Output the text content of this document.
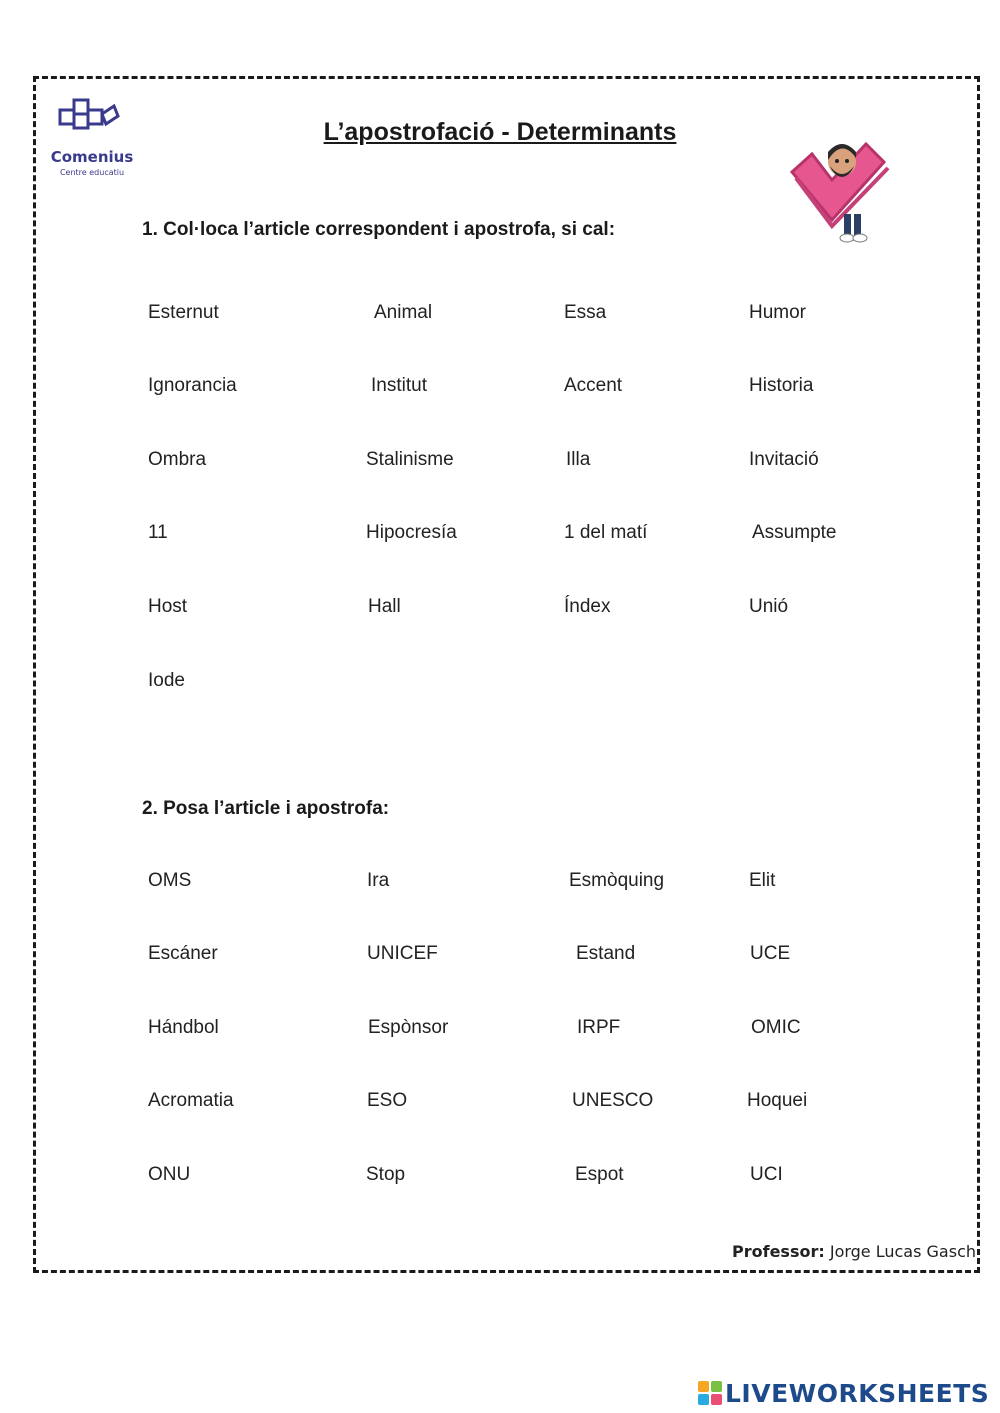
Comenius
Centre educatiu
L’apostrofació - Determinants
1. Col·loca l’article correspondent i apostrofa, si cal:
Esternut	Animal	Essa	Humor
Ignorancia	Institut	Accent	Historia
Ombra	Stalinisme	Illa	Invitació
11	Hipocresía	1 del matí	Assumpte
Host	Hall	Índex	Unió
Iode
2. Posa l’article i apostrofa:
OMS	Ira	Esmòquing	Elit
Escáner	UNICEF	Estand	UCE
Hándbol	Espònsor	IRPF	OMIC
Acromatia	ESO	UNESCO	Hoquei
ONU	Stop	Espot	UCI
Professor: Jorge Lucas Gasch
LIVEWORKSHEETS
